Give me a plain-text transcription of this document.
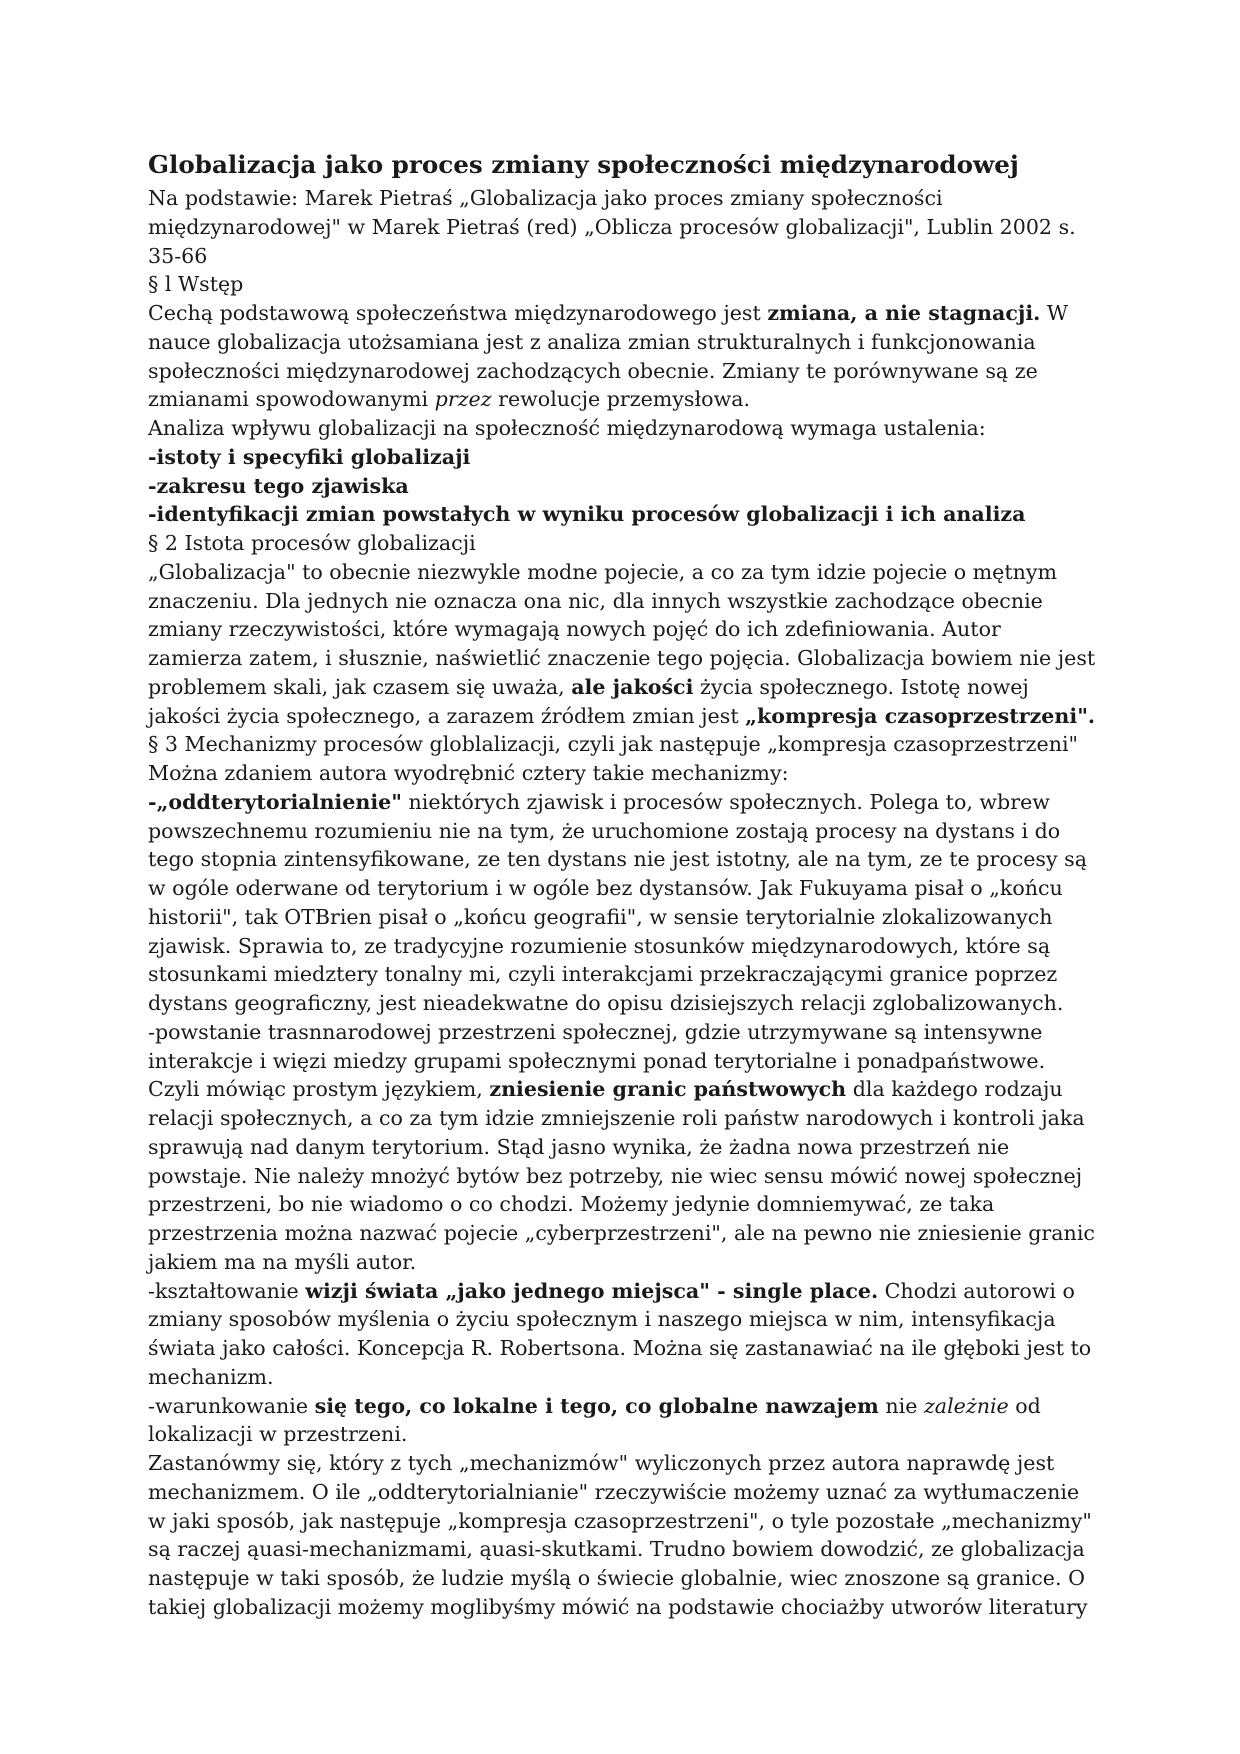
Globalizacja jako proces zmiany społeczności międzynarodowej

Na podstawie: Marek Pietraś „Globalizacja jako proces zmiany społeczności międzynarodowej" w Marek Pietraś (red) „Oblicza procesów globalizacji", Lublin 2002 s. 35-66

§ l Wstęp

Cechą podstawową społeczeństwa międzynarodowego jest zmiana, a nie stagnacji. W nauce globalizacja utożsamiana jest z analiza zmian strukturalnych i funkcjonowania społeczności międzynarodowej zachodzących obecnie. Zmiany te porównywane są ze zmianami spowodowanymi przez rewolucje przemysłowa.

Analiza wpływu globalizacji na społeczność międzynarodową wymaga ustalenia:

-istoty i specyfiki globalizaji

-zakresu tego zjawiska

-identyfikacji zmian powstałych w wyniku procesów globalizacji i ich analiza

§ 2 Istota procesów globalizacji

„Globalizacja" to obecnie niezwykle modne pojecie, a co za tym idzie pojecie o mętnym znaczeniu. Dla jednych nie oznacza ona nic, dla innych wszystkie zachodzące obecnie zmiany rzeczywistości, które wymagają nowych pojęć do ich zdefiniowania. Autor zamierza zatem, i słusznie, naświetlić znaczenie tego pojęcia. Globalizacja bowiem nie jest problemem skali, jak czasem się uważa, ale jakości życia społecznego. Istotę nowej jakości życia społecznego, a zarazem źródłem zmian jest „kompresja czasoprzestrzeni".

§ 3 Mechanizmy procesów globlalizacji, czyli jak następuje „kompresja czasoprzestrzeni"

Można zdaniem autora wyodrębnić cztery takie mechanizmy:

-„oddterytorialnienie" niektórych zjawisk i procesów społecznych. Polega to, wbrew powszechnemu rozumieniu nie na tym, że uruchomione zostają procesy na dystans i do tego stopnia zintensyfikowane, ze ten dystans nie jest istotny, ale na tym, ze te procesy są w ogóle oderwane od terytorium i w ogóle bez dystansów. Jak Fukuyama pisał o „końcu historii", tak OTBrien pisał o „końcu geografii", w sensie terytorialnie zlokalizowanych zjawisk. Sprawia to, ze tradycyjne rozumienie stosunków międzynarodowych, które są stosunkami miedztery tonalny mi, czyli interakcjami przekraczającymi granice poprzez dystans geograficzny, jest nieadekwatne do opisu dzisiejszych relacji zglobalizowanych.

-powstanie trasnnarodowej przestrzeni społecznej, gdzie utrzymywane są intensywne interakcje i więzi miedzy grupami społecznymi ponad terytorialne i ponadpaństwowe. Czyli mówiąc prostym językiem, zniesienie granic państwowych dla każdego rodzaju relacji społecznych, a co za tym idzie zmniejszenie roli państw narodowych i kontroli jaka sprawują nad danym terytorium. Stąd jasno wynika, że żadna nowa przestrzeń nie powstaje. Nie należy mnożyć bytów bez potrzeby, nie wiec sensu mówić nowej społecznej przestrzeni, bo nie wiadomo o co chodzi. Możemy jedynie domniemywać, ze taka przestrzenia można nazwać pojecie „cyberprzestrzeni", ale na pewno nie zniesienie granic jakiem ma na myśli autor.

-kształtowanie wizji świata „jako jednego miejsca" - single place. Chodzi autorowi o zmiany sposobów myślenia o życiu społecznym i naszego miejsca w nim, intensyfikacja świata jako całości. Koncepcja R. Robertsona. Można się zastanawiać na ile głęboki jest to mechanizm.

-warunkowanie się tego, co lokalne i tego, co globalne nawzajem nie zależnie od lokalizacji w przestrzeni.

Zastanówmy się, który z tych „mechanizmów" wyliczonych przez autora naprawdę jest mechanizmem. O ile „oddterytorialnianie" rzeczywiście możemy uznać za wytłumaczenie w jaki sposób, jak następuje „kompresja czasoprzestrzeni", o tyle pozostałe „mechanizmy" są raczej ąuasi-mechanizmami, ąuasi-skutkami. Trudno bowiem dowodzić, ze globalizacja następuje w taki sposób, że ludzie myślą o świecie globalnie, wiec znoszone są granice. O takiej globalizacji możemy moglibyśmy mówić na podstawie chociażby utworów literatury
